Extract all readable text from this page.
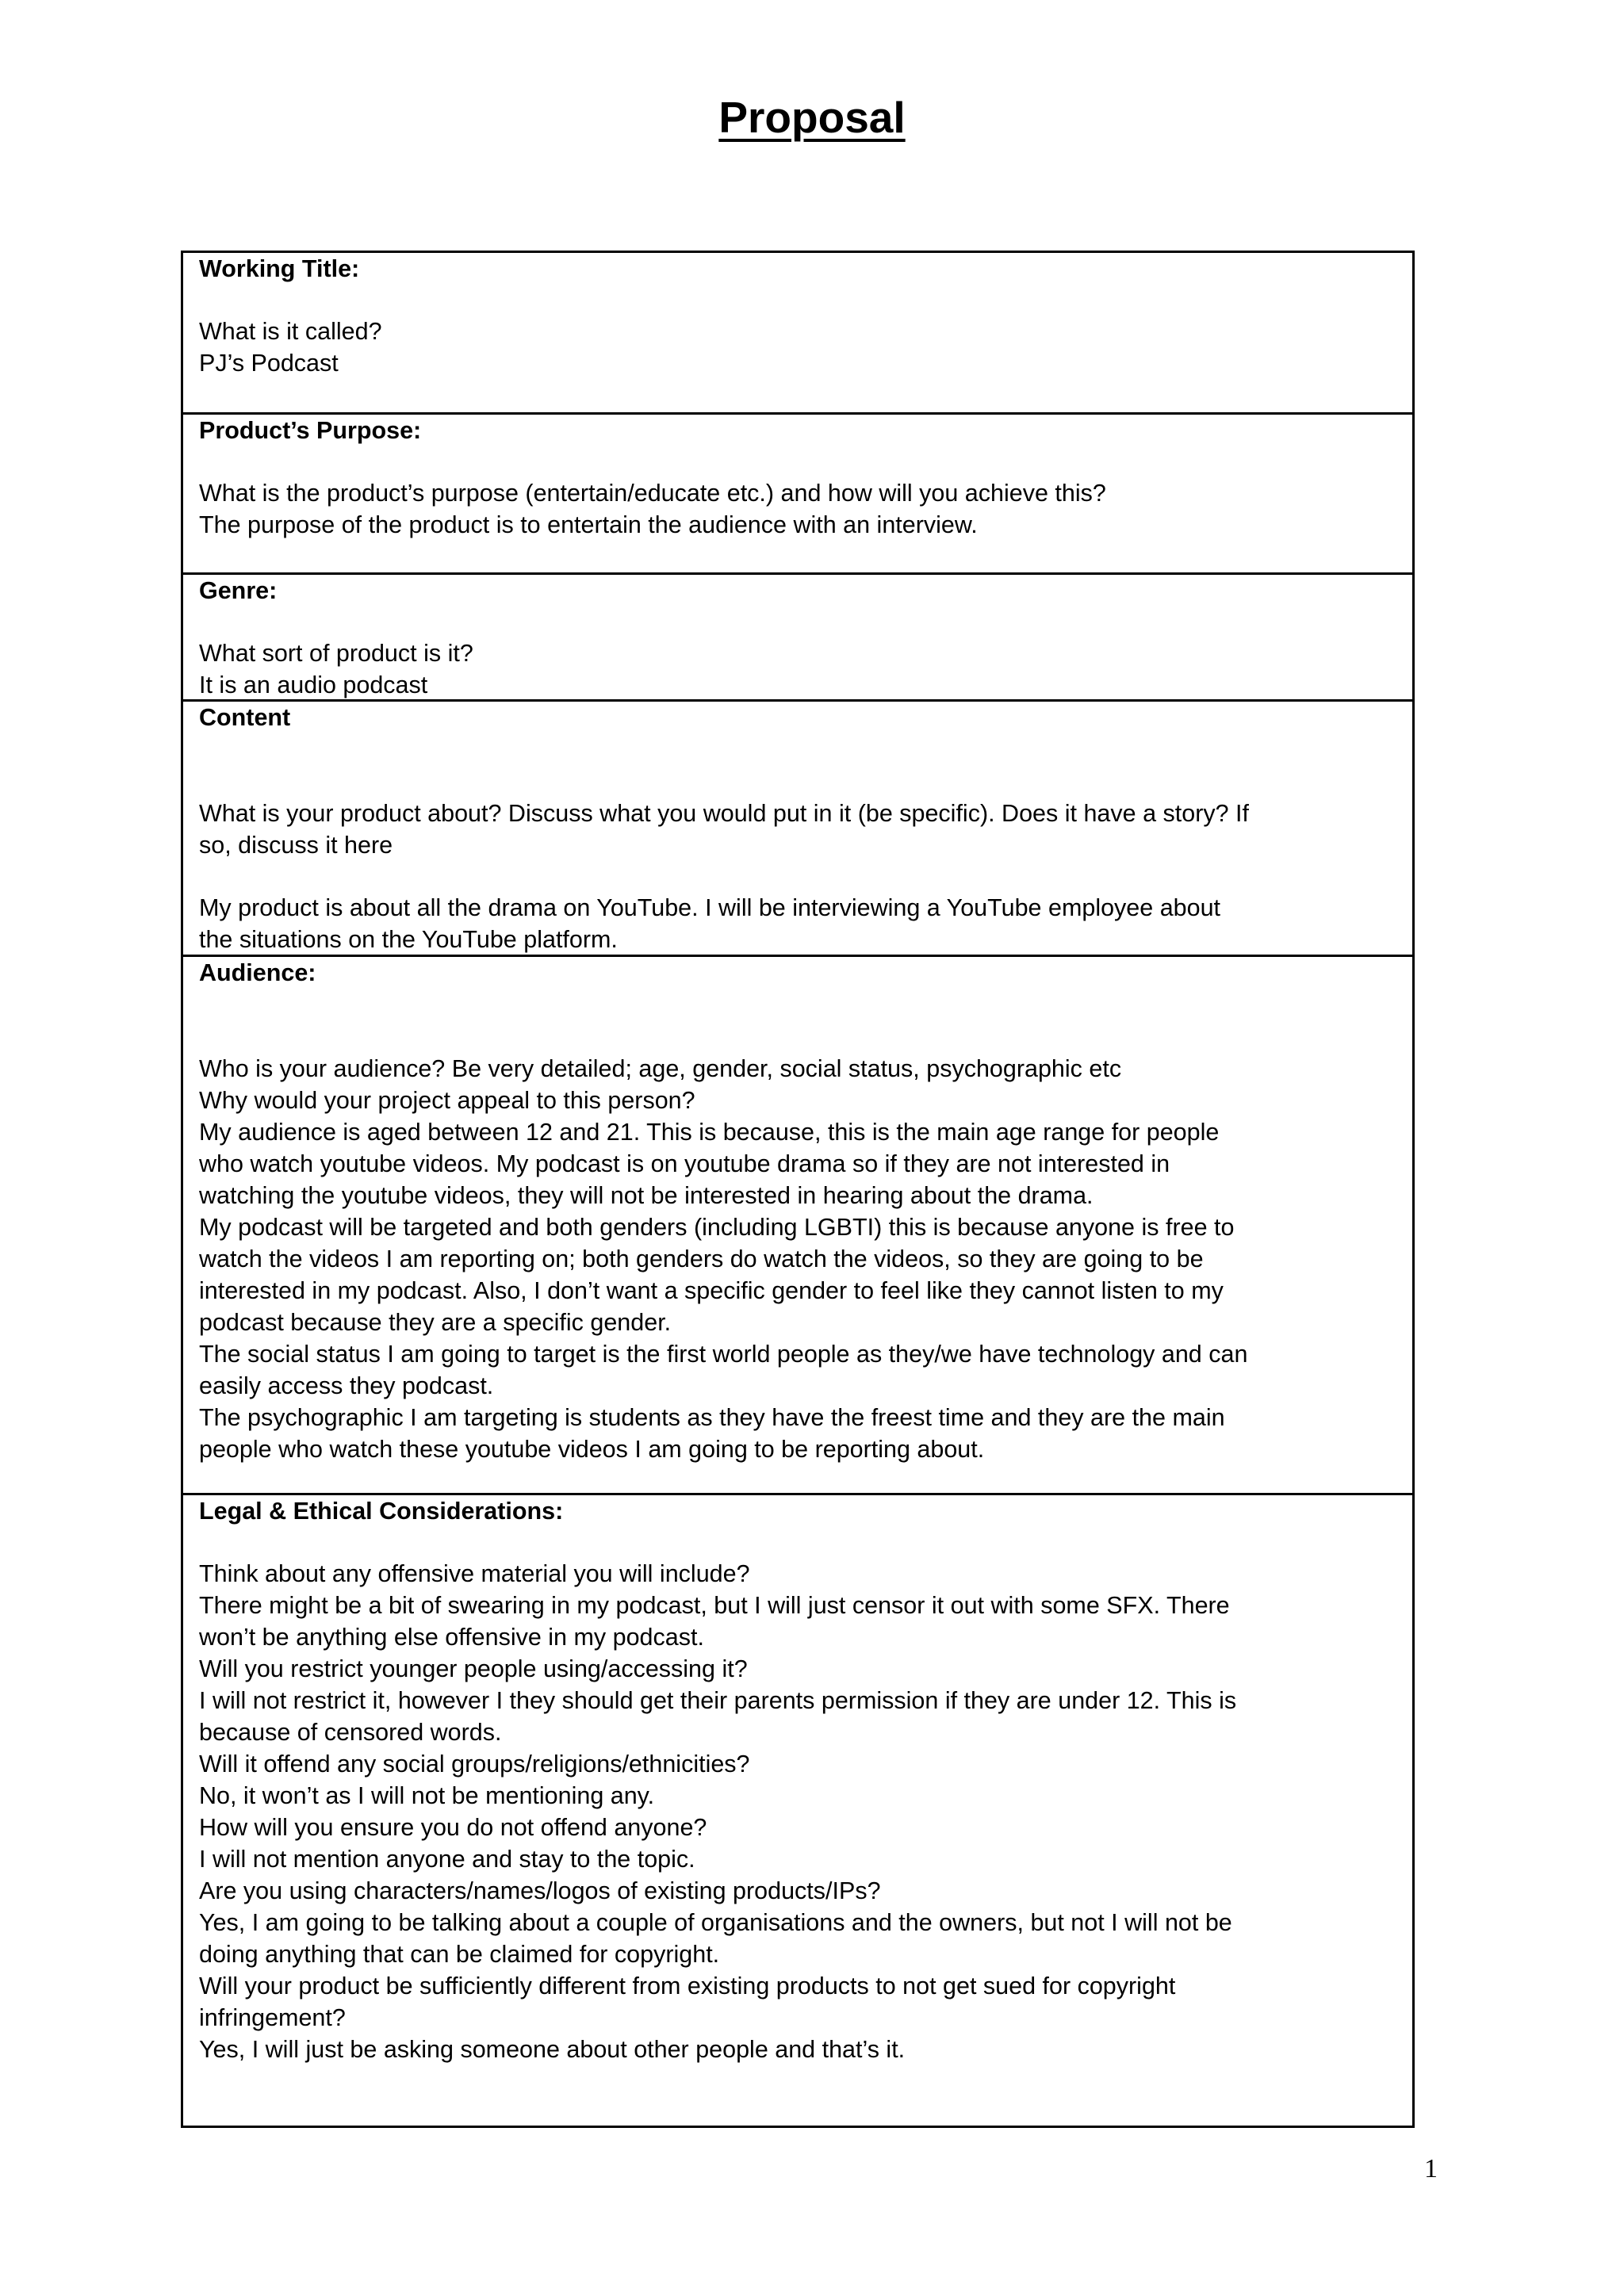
Proposal
Working Title:
What is it called?
PJ’s Podcast
Product’s Purpose:
What is the product’s purpose (entertain/educate etc.) and how will you achieve this?
The purpose of the product is to entertain the audience with an interview.
Genre:
What sort of product is it?
It is an audio podcast
Content
What is your product about? Discuss what you would put in it (be specific). Does it have a story? If
so, discuss it here
My product is about all the drama on YouTube. I will be interviewing a YouTube employee about
the situations on the YouTube platform.
Audience:
Who is your audience? Be very detailed; age, gender, social status, psychographic etc
Why would your project appeal to this person?
My audience is aged between 12 and 21. This is because, this is the main age range for people
who watch youtube videos. My podcast is on youtube drama so if they are not interested in
watching the youtube videos, they will not be interested in hearing about the drama.
My podcast will be targeted and both genders (including LGBTI) this is because anyone is free to
watch the videos I am reporting on; both genders do watch the videos, so they are going to be
interested in my podcast. Also, I don’t want a specific gender to feel like they cannot listen to my
podcast because they are a specific gender.
The social status I am going to target is the first world people as they/we have technology and can
easily access they podcast.
The psychographic I am targeting is students as they have the freest time and they are the main
people who watch these youtube videos I am going to be reporting about.
Legal & Ethical Considerations:
Think about any offensive material you will include?
There might be a bit of swearing in my podcast, but I will just censor it out with some SFX. There
won’t be anything else offensive in my podcast.
Will you restrict younger people using/accessing it?
I will not restrict it, however I they should get their parents permission if they are under 12. This is
because of censored words.
Will it offend any social groups/religions/ethnicities?
No, it won’t as I will not be mentioning any.
How will you ensure you do not offend anyone?
I will not mention anyone and stay to the topic.
Are you using characters/names/logos of existing products/IPs?
Yes, I am going to be talking about a couple of organisations and the owners, but not I will not be
doing anything that can be claimed for copyright.
Will your product be sufficiently different from existing products to not get sued for copyright
infringement?
Yes, I will just be asking someone about other people and that’s it.
1
